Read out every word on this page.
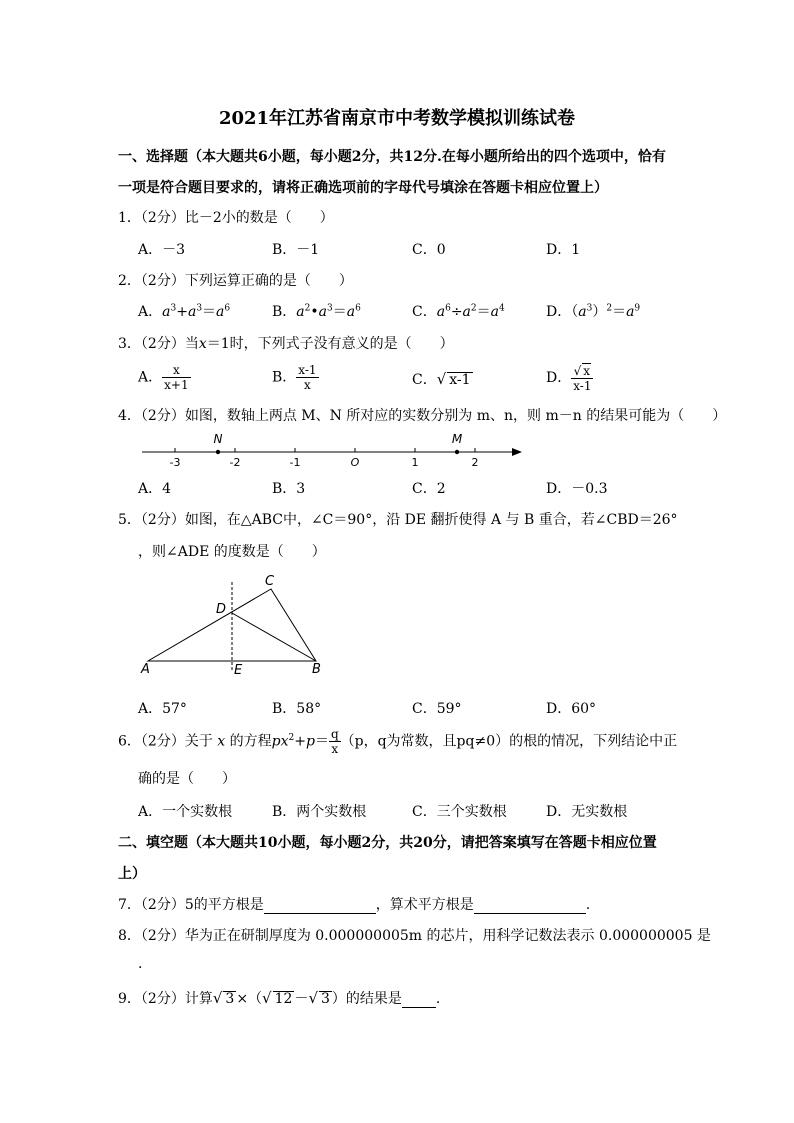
2021年江苏省南京市中考数学模拟训练试卷
一、选择题（本大题共6小题，每小题2分，共12分.在每小题所给出的四个选项中，恰有
一项是符合题目要求的，请将正确选项前的字母代号填涂在答题卡相应位置上）
1．（2分）比－2小的数是（　　）
A．－3	B．－1	C．0	D．1
2．（2分）下列运算正确的是（　　）
A．$a^3+a^3=a^6$	B．$a^2•a^3=a^6$	C．$a^6\div a^2=a^4$	D．$(a^3)^2=a^9$
3．（2分）当x＝1时，下列式子没有意义的是（　　）
A． $\frac{x}{x+1}$	B． $\frac{x-1}{x}$	C．√ x-1	D． $\frac{√ x}{x-1}$
4．（2分）如图，数轴上两点 M、N 所对应的实数分别为 m、n，则 m－n 的结果可能为（　　）
N	M
-3	-2	-1	O	1	2
A．4	B．3	C．2	D．－0.3
5．（2分）如图，在△ABC中，∠C＝90°，沿 DE 翻折使得 A 与 B 重合，若∠CBD＝26°
，则∠ADE 的度数是（　　）
A	B
C
D
E
A．57°	B．58°	C．59°	D．60°
6．（2分）关于 x 的方程$px^2+p= \frac{q}{x} (p$，q为常数，且pq≠0）的根的情况，下列结论中正
确的是（　　）
A．一个实数根	B．两个实数根	C．三个实数根	D．无实数根
二、填空题（本大题共10小题，每小题2分，共20分，请把答案填写在答题卡相应位置
上）
7．（2分）5的平方根是	，算术平方根是	.
8．（2分）华为正在研制厚度为 0.000000005m 的芯片，用科学记数法表示 0.000000005 是
.
9．（2分）计算√ 3 ×（√ 12 －√ 3 ）的结果是 .
